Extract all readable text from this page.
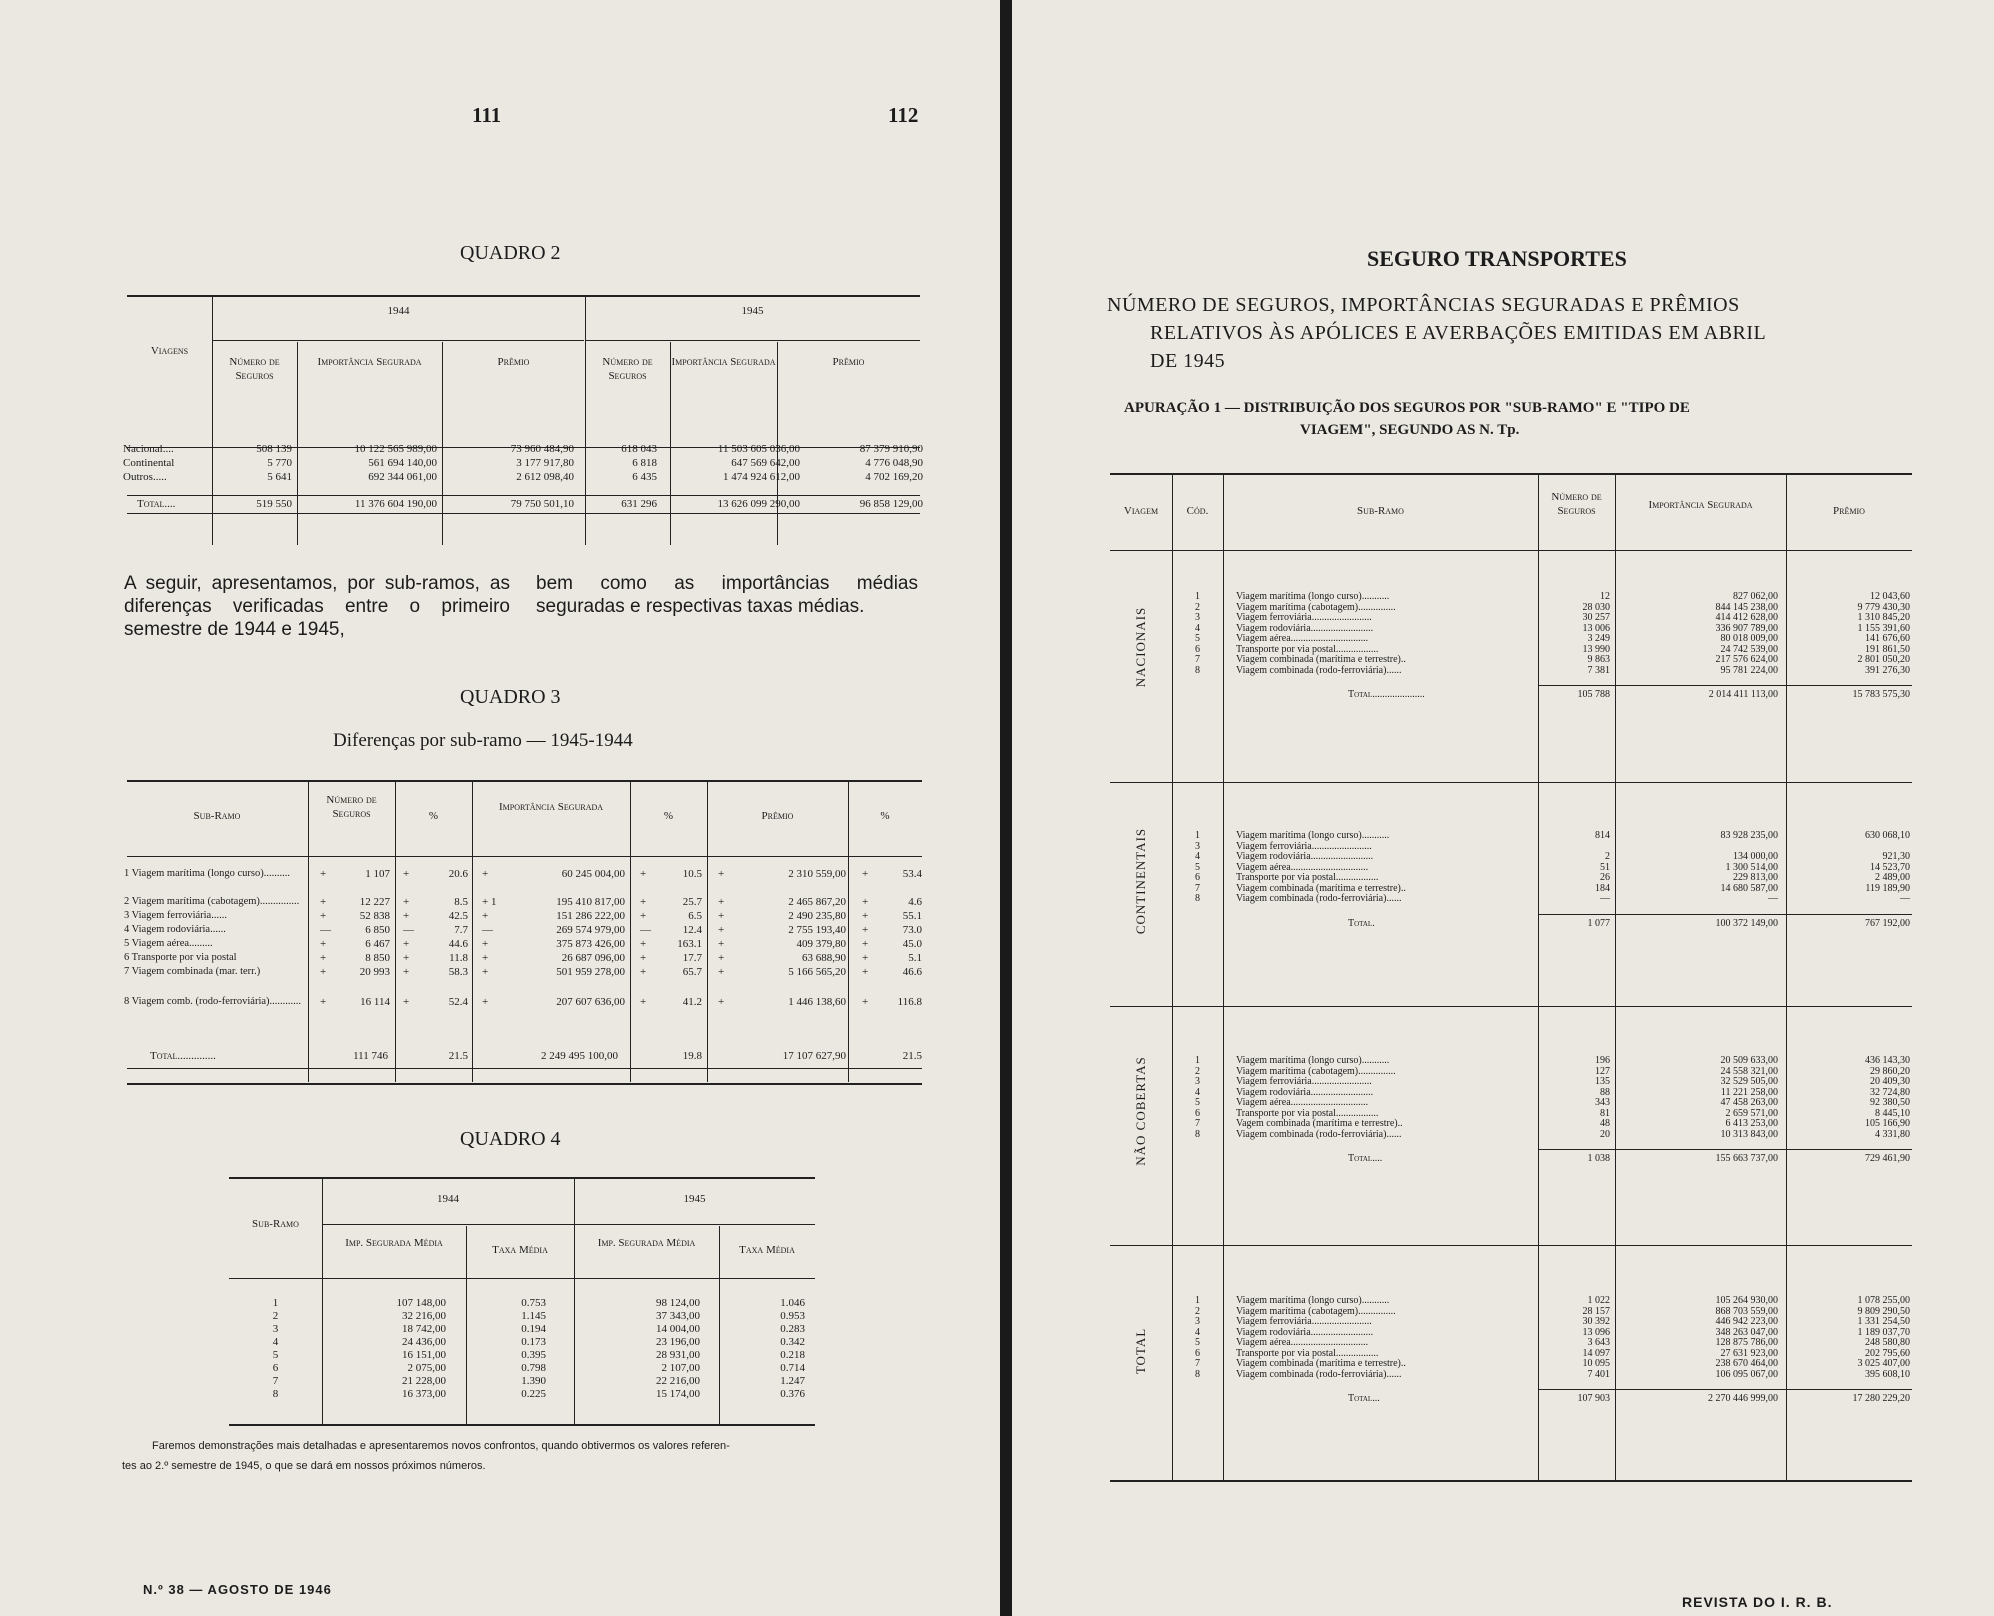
111	112
QUADRO 2
A seguir, apresentamos, por sub-ramos, as diferenças verificadas entre o primeiro semestre de 1944 e 1945,
bem como as importâncias médias seguradas e respectivas taxas médias.
QUADRO 3
Diferenças por sub-ramo — 1945-1944
QUADRO 4
Faremos demonstrações mais detalhadas e apresentaremos novos confrontos, quando obtivermos os valores referen-
tes ao 2.º semestre de 1945, o que se dará em nossos próximos números.
N.º 38 — AGOSTO DE 1946
Viagens
1944	1945
Número de Seguros
Importância Segurada	Prêmio	Número de Seguros
Importância Segurada	Prêmio
Nacional....	508 139	10 122 565 989,00	73 960 484,90	618 043	11 503 605 036,00	87 379 910,90
Continental	5 770	561 694 140,00	3 177 917,80	6 818	647 569 642,00	4 776 048,90
Outros.....	5 641	692 344 061,00	2 612 098,40	6 435	1 474 924 612,00	4 702 169,20
Total....	519 550	11 376 604 190,00	79 750 501,10	631 296	13 626 099 290,00	96 858 129,00
Sub-Ramo
Número de Seguros	%
Importância Segurada
%	Prêmio	%
1 Viagem marítima (longo curso)..........	+	1 107 +	20.6 +	60 245 004,00 +	10.5 +	2 310 559,00 +	53.4
2 Viagem marítima (cabotagem)...............	+	12 227 +	8.5 + 1	195 410 817,00 +	25.7 +	2 465 867,20 +	4.6
3 Viagem ferroviária......	+	52 838 +	42.5 +	151 286 222,00 +	6.5 +	2 490 235,80 +	55.1
4 Viagem rodoviária......	—	6 850 —	7.7 —	269 574 979,00 —	12.4 +	2 755 193,40 +	73.0
5 Viagem aérea.........	+	6 467 +	44.6 +	375 873 426,00 +	163.1 +	409 379,80 +	45.0
6 Transporte por via postal	+	8 850 +	11.8 +	26 687 096,00 +	17.7 +	63 688,90 +	5.1
7 Viagem combinada (mar. terr.)	+	20 993 +	58.3 +	501 959 278,00 +	65.7 +	5 166 565,20 +	46.6
8 Viagem comb. (rodo-ferroviária)............	+	16 114 +	52.4 +	207 607 636,00 +	41.2 +	1 446 138,60 +	116.8
Total..............	111 746	21.5	2 249 495 100,00	19.8	17 107 627,90	21.5
Sub-Ramo
1944	1945
Imp. Segurada Média
Taxa Média
Imp. Segurada Média
Taxa Média
1	107 148,00	0.753	98 124,00	1.046
2	32 216,00	1.145	37 343,00	0.953
3	18 742,00	0.194	14 004,00	0.283
4	24 436,00	0.173	23 196,00	0.342
5	16 151,00	0.395	28 931,00	0.218
6	2 075,00	0.798	2 107,00	0.714
7	21 228,00	1.390	22 216,00	1.247
8	16 373,00	0.225	15 174,00	0.376
SEGURO TRANSPORTES
NÚMERO DE SEGUROS, IMPORTÂNCIAS SEGURADAS E PRÊMIOS
RELATIVOS ÀS APÓLICES E AVERBAÇÕES EMITIDAS EM ABRIL
DE 1945
APURAÇÃO 1 — DISTRIBUIÇÃO DOS SEGUROS POR "SUB-RAMO" E "TIPO DE
VIAGEM", SEGUNDO AS N. Tp.
REVISTA DO I. R. B.
Viagem	Cód.	Sub-Ramo
Número de Seguros	Importância Segurada	Prêmio
NACIONAIS
1	Viagem marítima (longo curso)...........	12	827 062,00	12 043,60
2	Viagem marítima (cabotagem)...............	28 030	844 145 238,00	9 779 430,30
3	Viagem ferroviária........................	30 257	414 412 628,00	1 310 845,20
4	Viagem rodoviária.........................	13 006	336 907 789,00	1 155 391,60
5	Viagem aérea...............................	3 249	80 018 009,00	141 676,60
6	Transporte por via postal.................	13 990	24 742 539,00	191 861,50
7	Viagem combinada (marítima e terrestre)..	9 863	217 576 624,00	2 801 050,20
8	Viagem combinada (rodo-ferroviária)......	7 381	95 781 224,00	391 276,30
Total.....................	105 788	2 014 411 113,00	15 783 575,30
CONTINENTAIS	1	Viagem marítima (longo curso)...........	814	83 928 235,00	630 068,10
3	Viagem ferroviária........................
4	Viagem rodoviária.........................	2	134 000,00	921,30
5	Viagem aérea...............................	51	1 300 514,00	14 523,70
6	Transporte por via postal.................	26	229 813,00	2 489,00
7	Viagem combinada (marítima e terrestre)..	184	14 680 587,00	119 189,90
8	Viagem combinada (rodo-ferroviária)......	—	—	—
Total.	1 077	100 372 149,00	767 192,00
NÃO COBERTAS	1	Viagem marítima (longo curso)...........	196	20 509 633,00	436 143,30
2	Viagem marítima (cabotagem)...............	127	24 558 321,00	29 860,20
3	Viagem ferroviária........................	135	32 529 505,00	20 409,30
4	Viagem rodoviária.........................	88	11 221 258,00	32 724,80
5	Viagem aérea...............................	343	47 458 263,00	92 380,50
6	Transporte por via postal.................	81	2 659 571,00	8 445,10
7	Vagem combinada (marítima e terrestre)..	48	6 413 253,00	105 166,90
8	Viagem combinada (rodo-ferroviária)......	20	10 313 843,00	4 331,80
Total....	1 038	155 663 737,00	729 461,90
TOTAL
1	Viagem marítima (longo curso)...........	1 022	105 264 930,00	1 078 255,00
2	Viagem marítima (cabotagem)...............	28 157	868 703 559,00	9 809 290,50
3	Viagem ferroviária........................	30 392	446 942 223,00	1 331 254,50
4	Viagem rodoviária.........................	13 096	348 263 047,00	1 189 037,70
5	Viagem aérea...............................	3 643	128 875 786,00	248 580,80
6	Transporte por via postal.................	14 097	27 631 923,00	202 795,60
7	Viagem combinada (marítima e terrestre)..	10 095	238 670 464,00	3 025 407,00
8	Viagem combinada (rodo-ferroviária)......	7 401	106 095 067,00	395 608,10
Total...	107 903	2 270 446 999,00	17 280 229,20
